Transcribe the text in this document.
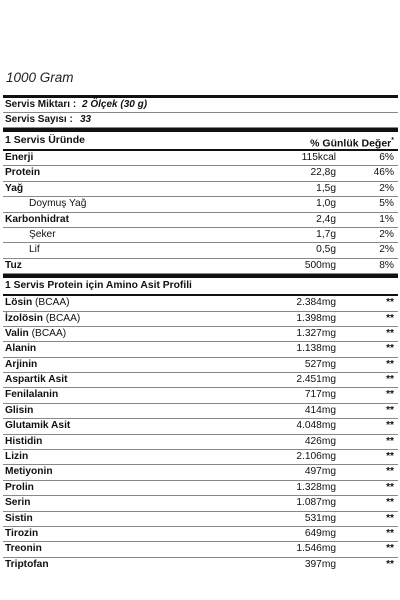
1000 Gram
Servis Miktarı : 2 Ölçek (30 g)
Servis Sayısı : 33
1 Servis Üründe	% Günlük Değer*
Enerji	115kcal	6%
Protein	22,8g	46%
Yağ	1,5g	2%
Doymuş Yağ	1,0g	5%
Karbonhidrat	2,4g	1%
Şeker	1,7g	2%
Lif	0,5g	2%
Tuz	500mg	8%
1 Servis Protein için Amino Asit Profili
Lösin (BCAA)	2.384mg	**
İzolösin (BCAA)	1.398mg	**
Valin (BCAA)	1.327mg	**
Alanin	1.138mg	**
Arjinin	527mg	**
Aspartik Asit	2.451mg	**
Fenilalanin	717mg	**
Glisin	414mg	**
Glutamik Asit	4.048mg	**
Histidin	426mg	**
Lizin	2.106mg	**
Metiyonin	497mg	**
Prolin	1.328mg	**
Serin	1.087mg	**
Sistin	531mg	**
Tirozin	649mg	**
Treonin	1.546mg	**
Triptofan	397mg	**
